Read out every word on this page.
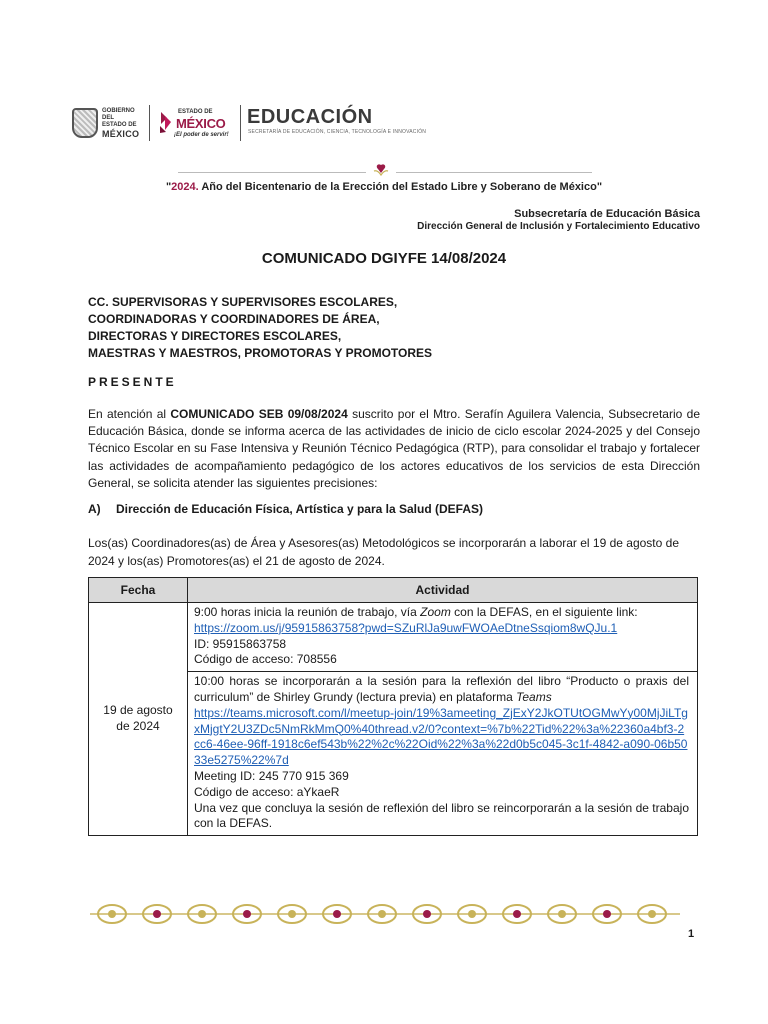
GOBIERNO DEL
ESTADO DE
MÉXICO
ESTADO DE
MÉXICO
¡El poder de servir!
EDUCACIÓN
SECRETARÍA DE EDUCACIÓN, CIENCIA, TECNOLOGÍA E INNOVACIÓN
"2024. Año del Bicentenario de la Erección del Estado Libre y Soberano de México"
Subsecretaría de Educación Básica
Dirección General de Inclusión y Fortalecimiento Educativo
COMUNICADO DGIYFE 14/08/2024
CC. SUPERVISORAS Y SUPERVISORES ESCOLARES,
COORDINADORAS Y COORDINADORES DE ÁREA,
DIRECTORAS Y DIRECTORES ESCOLARES,
MAESTRAS Y MAESTROS, PROMOTORAS Y PROMOTORES
PRESENTE
En atención al COMUNICADO SEB 09/08/2024 suscrito por el Mtro. Serafín Aguilera Valencia, Subsecretario de Educación Básica, donde se informa acerca de las actividades de inicio de ciclo escolar 2024-2025 y del Consejo Técnico Escolar en su Fase Intensiva y Reunión Técnico Pedagógica (RTP), para consolidar el trabajo y fortalecer las actividades de acompañamiento pedagógico de los actores educativos de los servicios de esta Dirección General, se solicita atender las siguientes precisiones:
A) Dirección de Educación Física, Artística y para la Salud (DEFAS)
Los(as) Coordinadores(as) de Área y Asesores(as) Metodológicos se incorporarán a laborar el 19 de agosto de 2024 y los(as) Promotores(as) el 21 de agosto de 2024.
Fecha	Actividad
19 de agosto de 2024	9:00 horas inicia la reunión de trabajo, vía Zoom con la DEFAS, en el siguiente link:
https://zoom.us/j/95915863758?pwd=SZuRlJa9uwFWOAeDtneSsqiom8wQJu.1
ID: 95915863758
Código de acceso: 708556

	10:00 horas se incorporarán a la sesión para la reflexión del libro “Producto o praxis del curriculum” de Shirley Grundy (lectura previa) en plataforma Teams
https://teams.microsoft.com/l/meetup-join/19%3ameeting_ZjExY2JkOTUtOGMwYy00MjJiLTgxMjgtY2U3ZDc5NmRkMmQ0%40thread.v2/0?context=%7b%22Tid%22%3a%22360a4bf3-2cc6-46ee-96ff-1918c6ef543b%22%2c%22Oid%22%3a%22d0b5c045-3c1f-4842-a090-06b5033e5275%22%7d
Meeting ID: 245 770 915 369
Código de acceso: aYkaeR
Una vez que concluya la sesión de reflexión del libro se reincorporarán a la sesión de trabajo con la DEFAS.
1
